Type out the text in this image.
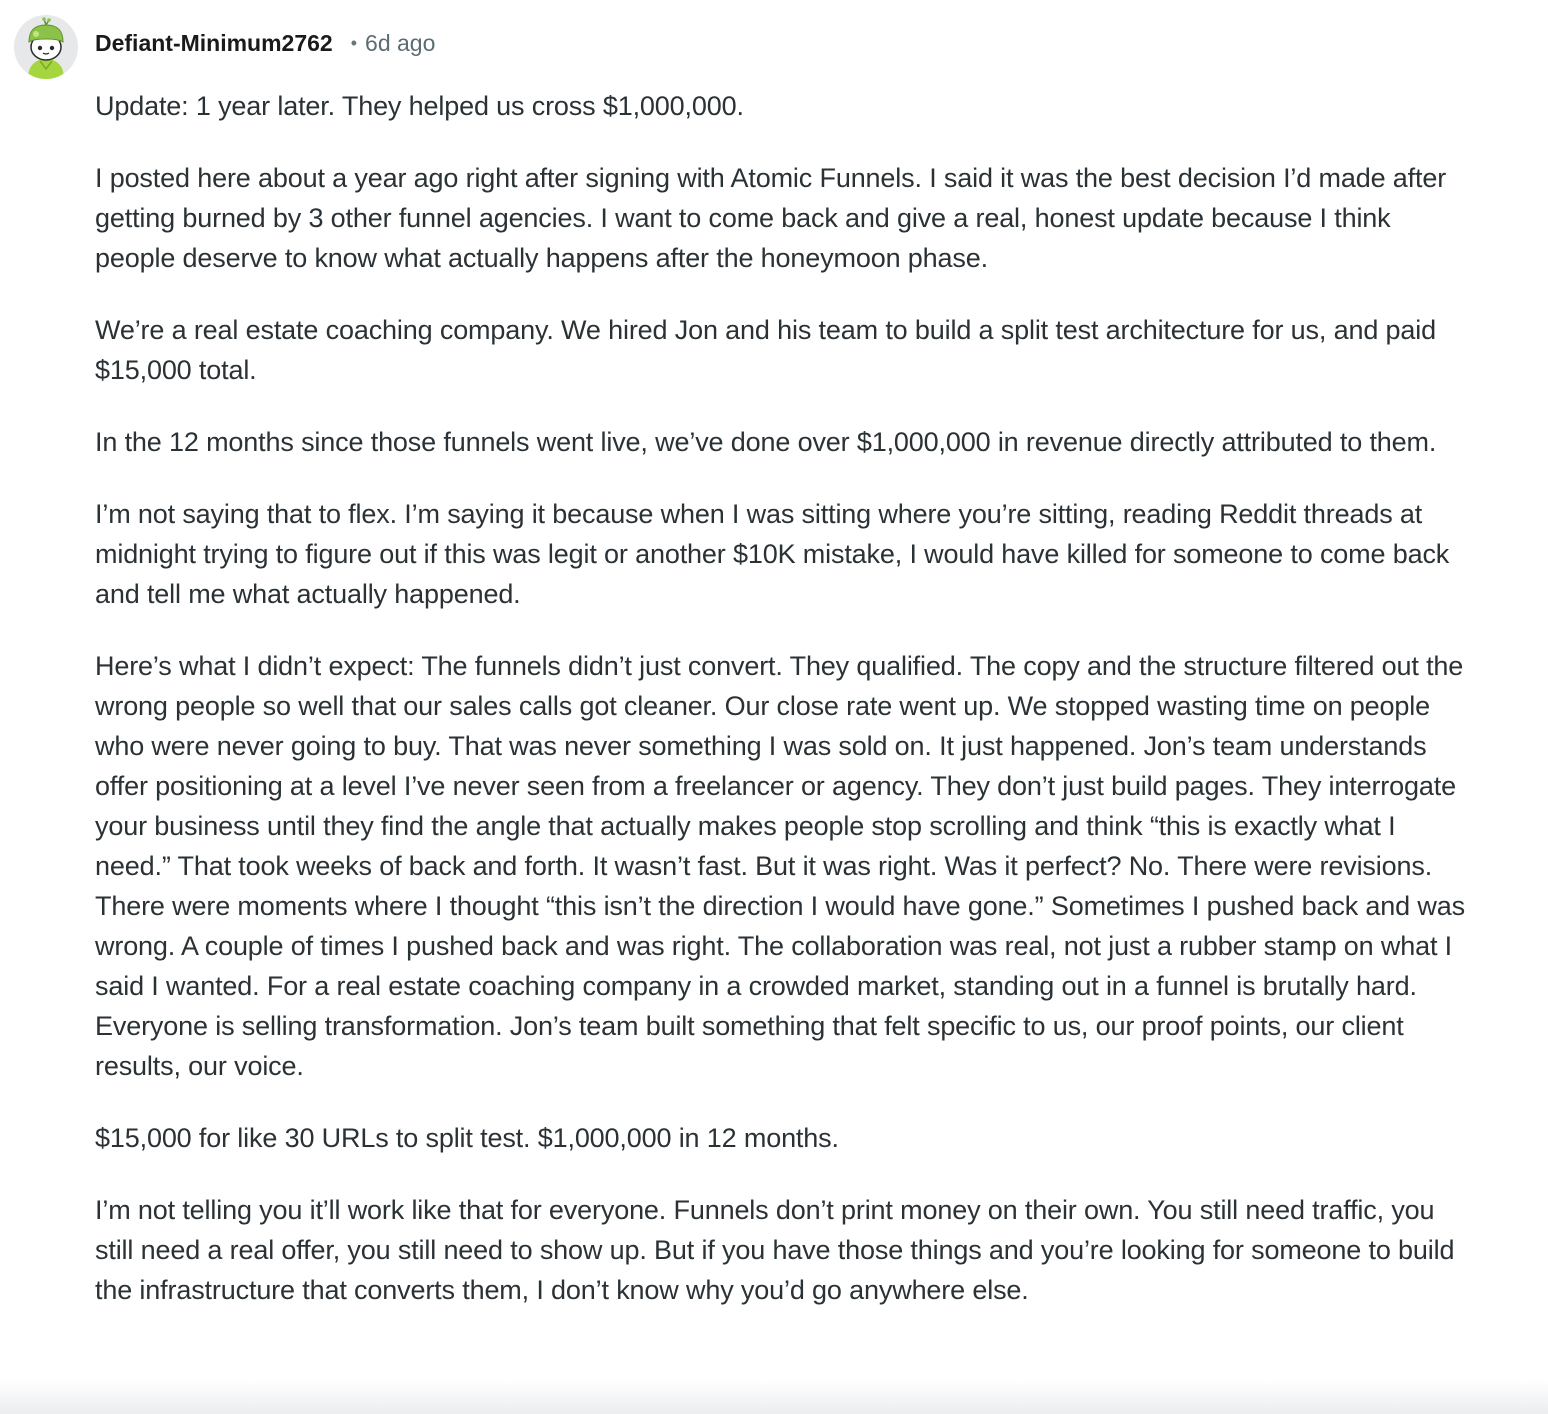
Defiant-Minimum2762 • 6d ago

Update: 1 year later. They helped us cross $1,000,000.

I posted here about a year ago right after signing with Atomic Funnels. I said it was the best decision I’d made after getting burned by 3 other funnel agencies. I want to come back and give a real, honest update because I think people deserve to know what actually happens after the honeymoon phase.

We’re a real estate coaching company. We hired Jon and his team to build a split test architecture for us, and paid $15,000 total.

In the 12 months since those funnels went live, we’ve done over $1,000,000 in revenue directly attributed to them.

I’m not saying that to flex. I’m saying it because when I was sitting where you’re sitting, reading Reddit threads at midnight trying to figure out if this was legit or another $10K mistake, I would have killed for someone to come back and tell me what actually happened.

Here’s what I didn’t expect: The funnels didn’t just convert. They qualified. The copy and the structure filtered out the wrong people so well that our sales calls got cleaner. Our close rate went up. We stopped wasting time on people who were never going to buy. That was never something I was sold on. It just happened. Jon’s team understands offer positioning at a level I’ve never seen from a freelancer or agency. They don’t just build pages. They interrogate your business until they find the angle that actually makes people stop scrolling and think “this is exactly what I need.” That took weeks of back and forth. It wasn’t fast. But it was right. Was it perfect? No. There were revisions. There were moments where I thought “this isn’t the direction I would have gone.” Sometimes I pushed back and was wrong. A couple of times I pushed back and was right. The collaboration was real, not just a rubber stamp on what I said I wanted. For a real estate coaching company in a crowded market, standing out in a funnel is brutally hard. Everyone is selling transformation. Jon’s team built something that felt specific to us, our proof points, our client results, our voice.

$15,000 for like 30 URLs to split test. $1,000,000 in 12 months.

I’m not telling you it’ll work like that for everyone. Funnels don’t print money on their own. You still need traffic, you still need a real offer, you still need to show up. But if you have those things and you’re looking for someone to build the infrastructure that converts them, I don’t know why you’d go anywhere else.
